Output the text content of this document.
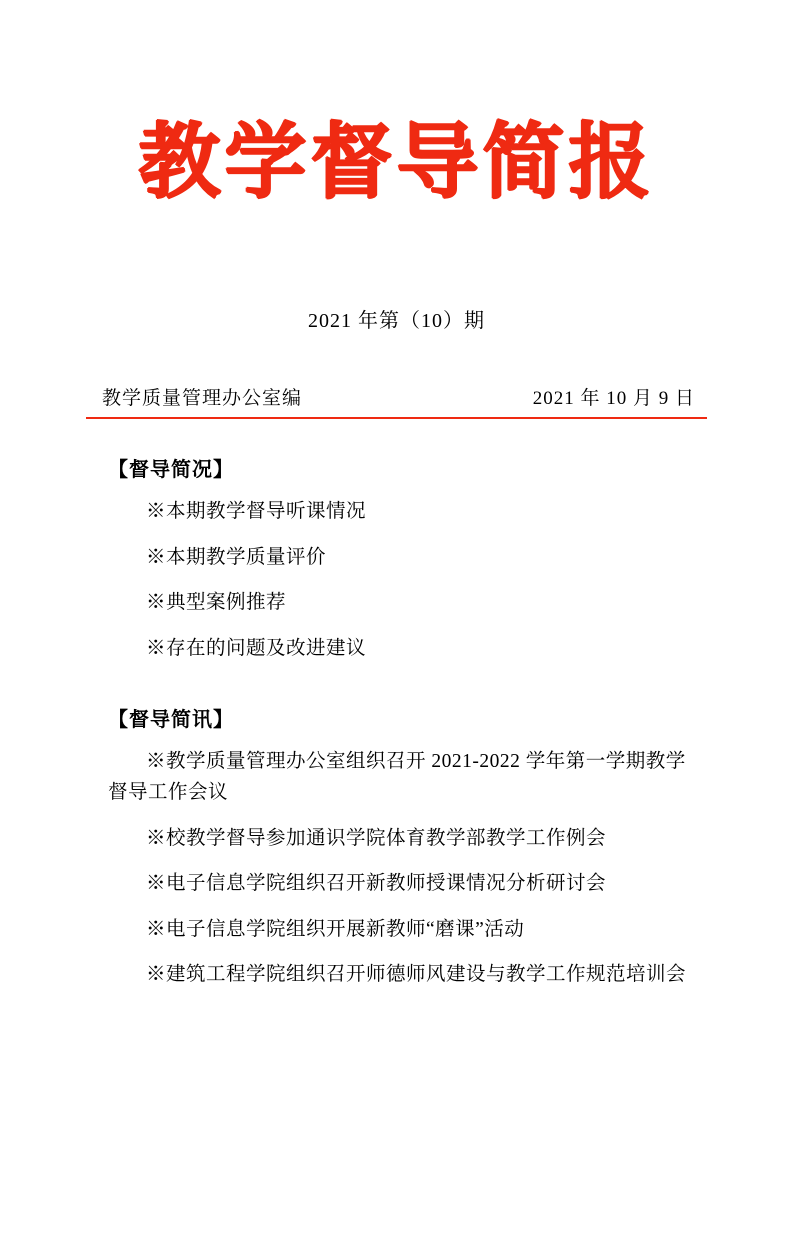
教学督导简报
2021 年第（10）期
教学质量管理办公室编	2021 年 10 月 9 日
【督导简况】
※本期教学督导听课情况
※本期教学质量评价
※典型案例推荐
※存在的问题及改进建议
【督导简讯】
※教学质量管理办公室组织召开 2021-2022 学年第一学期教学督导工作会议
※校教学督导参加通识学院体育教学部教学工作例会
※电子信息学院组织召开新教师授课情况分析研讨会
※电子信息学院组织开展新教师“磨课”活动
※建筑工程学院组织召开师德师风建设与教学工作规范培训会
